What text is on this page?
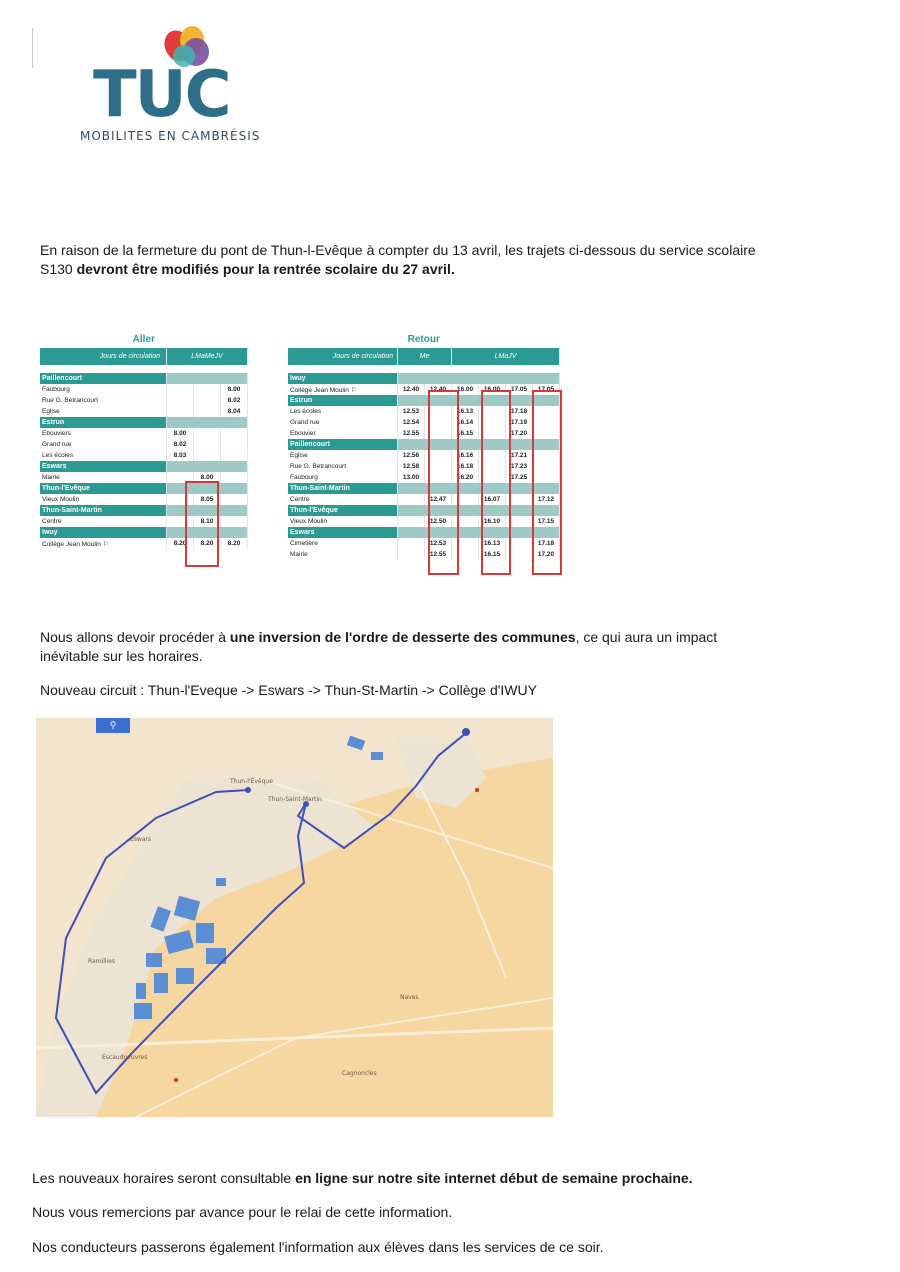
TUC
MOBILITES EN CAMBRÉSIS
En raison de la fermeture du pont de Thun-l-Evêque à compter du 13 avril, les trajets ci-dessous du service scolaire
S130 devront être modifiés pour la rentrée scolaire du 27 avril.
Aller			
Jours de circulation	LMaMeJV		

Paillencourt			
Faubourg			8.00
Rue G. Betrancourt			8.02
Eglise			8.04
Estrun			
Ebouviers	8.00		
Grand rue	8.02		
Les écoles	8.03		
Eswars			
Mairie		8.00	
Thun-l'Evêque			
Vieux Moulin		8.05	
Thun-Saint-Martin			
Centre		8.10	
Iwuy			
Collège Jean Moulin ⚐	8.20	8.20	8.20
Retour						
Jours de circulation	Me		LMaJV			

Iwuy						
Collège Jean Moulin ⚐	12.40	12.40	16.00	16.00	17.05	17.05
Estrun						
Les écoles	12.53		16.13		17.18	
Grand rue	12.54		16.14		17.19	
Ebouvier	12.55		16.15		17.20	
Paillencourt						
Eglise	12.56		16.16		17.21	
Rue G. Betrancourt	12.58		16.18		17.23	
Faubourg	13.00		16.20		17.25	
Thun-Saint-Martin						
Centre		12.47		16.07		17.12
Thun-l'Evêque						
Vieux Moulin		12.50		16.10		17.15
Eswars						
Cimetière		12.53		16.13		17.18
Mairie		12.55		16.15		17.20
Nous allons devoir procéder à une inversion de l'ordre de desserte des communes, ce qui aura un impact
inévitable sur les horaires.
Nouveau circuit : Thun-l'Eveque -> Eswars -> Thun-St-Martin -> Collège d'IWUY
⚲
Thun-l'Évêque
Thun-Saint-Martin
Eswars
Ramillies
Escaudoeuvres
Naves
Cagnoncles
Les nouveaux horaires seront consultable en ligne sur notre site internet début de semaine prochaine.
Nous vous remercions par avance pour le relai de cette information.
Nos conducteurs passerons également l'information aux élèves dans les services de ce soir.
